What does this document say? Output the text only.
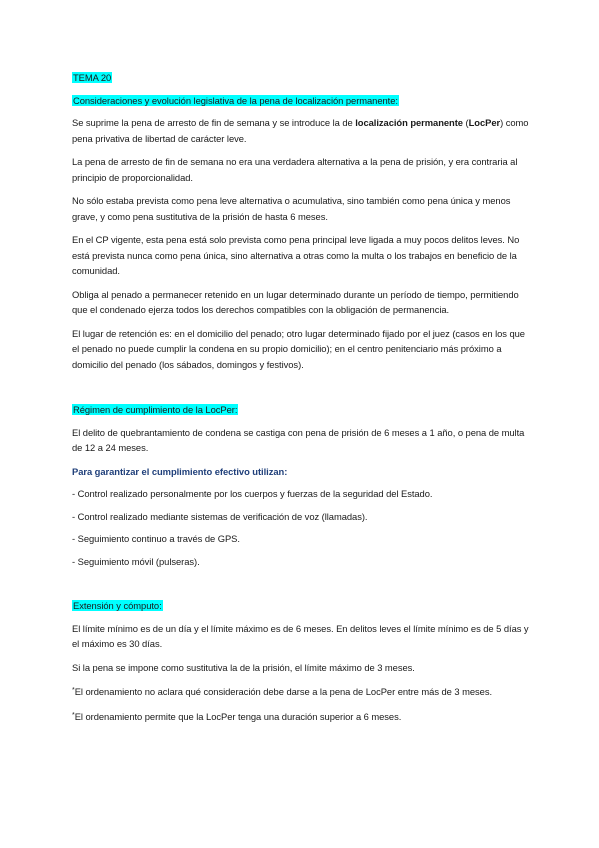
TEMA 20
Consideraciones y evolución legislativa de la pena de localización permanente:

Se suprime la pena de arresto de fin de semana y se introduce la de localización permanente (LocPer) como pena privativa de libertad de carácter leve.

La pena de arresto de fin de semana no era una verdadera alternativa a la pena de prisión, y era contraria al principio de proporcionalidad.

No sólo estaba prevista como pena leve alternativa o acumulativa, sino también como pena única y menos grave, y como pena sustitutiva de la prisión de hasta 6 meses.

En el CP vigente, esta pena está solo prevista como pena principal leve ligada a muy pocos delitos leves. No está prevista nunca como pena única, sino alternativa a otras como la multa o los trabajos en beneficio de la comunidad.

Obliga al penado a permanecer retenido en un lugar determinado durante un período de tiempo, permitiendo que el condenado ejerza todos los derechos compatibles con la obligación de permanencia.

El lugar de retención es: en el domicilio del penado; otro lugar determinado fijado por el juez (casos en los que el penado no puede cumplir la condena en su propio domicilio); en el centro penitenciario más próximo a domicilio del penado (los sábados, domingos y festivos).

Régimen de cumplimiento de la LocPer:

El delito de quebrantamiento de condena se castiga con pena de prisión de 6 meses a 1 año, o pena de multa de 12 a 24 meses.

Para garantizar el cumplimiento efectivo utilizan:

- Control realizado personalmente por los cuerpos y fuerzas de la seguridad del Estado.

- Control realizado mediante sistemas de verificación de voz (llamadas).

- Seguimiento continuo a través de GPS.

- Seguimiento móvil (pulseras).

Extensión y cómputo:

El límite mínimo es de un día y el límite máximo es de 6 meses. En delitos leves el límite mínimo es de 5 días y el máximo es 30 días.

Si la pena se impone como sustitutiva la de la prisión, el límite máximo de 3 meses.

*El ordenamiento no aclara qué consideración debe darse a la pena de LocPer entre más de 3 meses.

*El ordenamiento permite que la LocPer tenga una duración superior a 6 meses.
